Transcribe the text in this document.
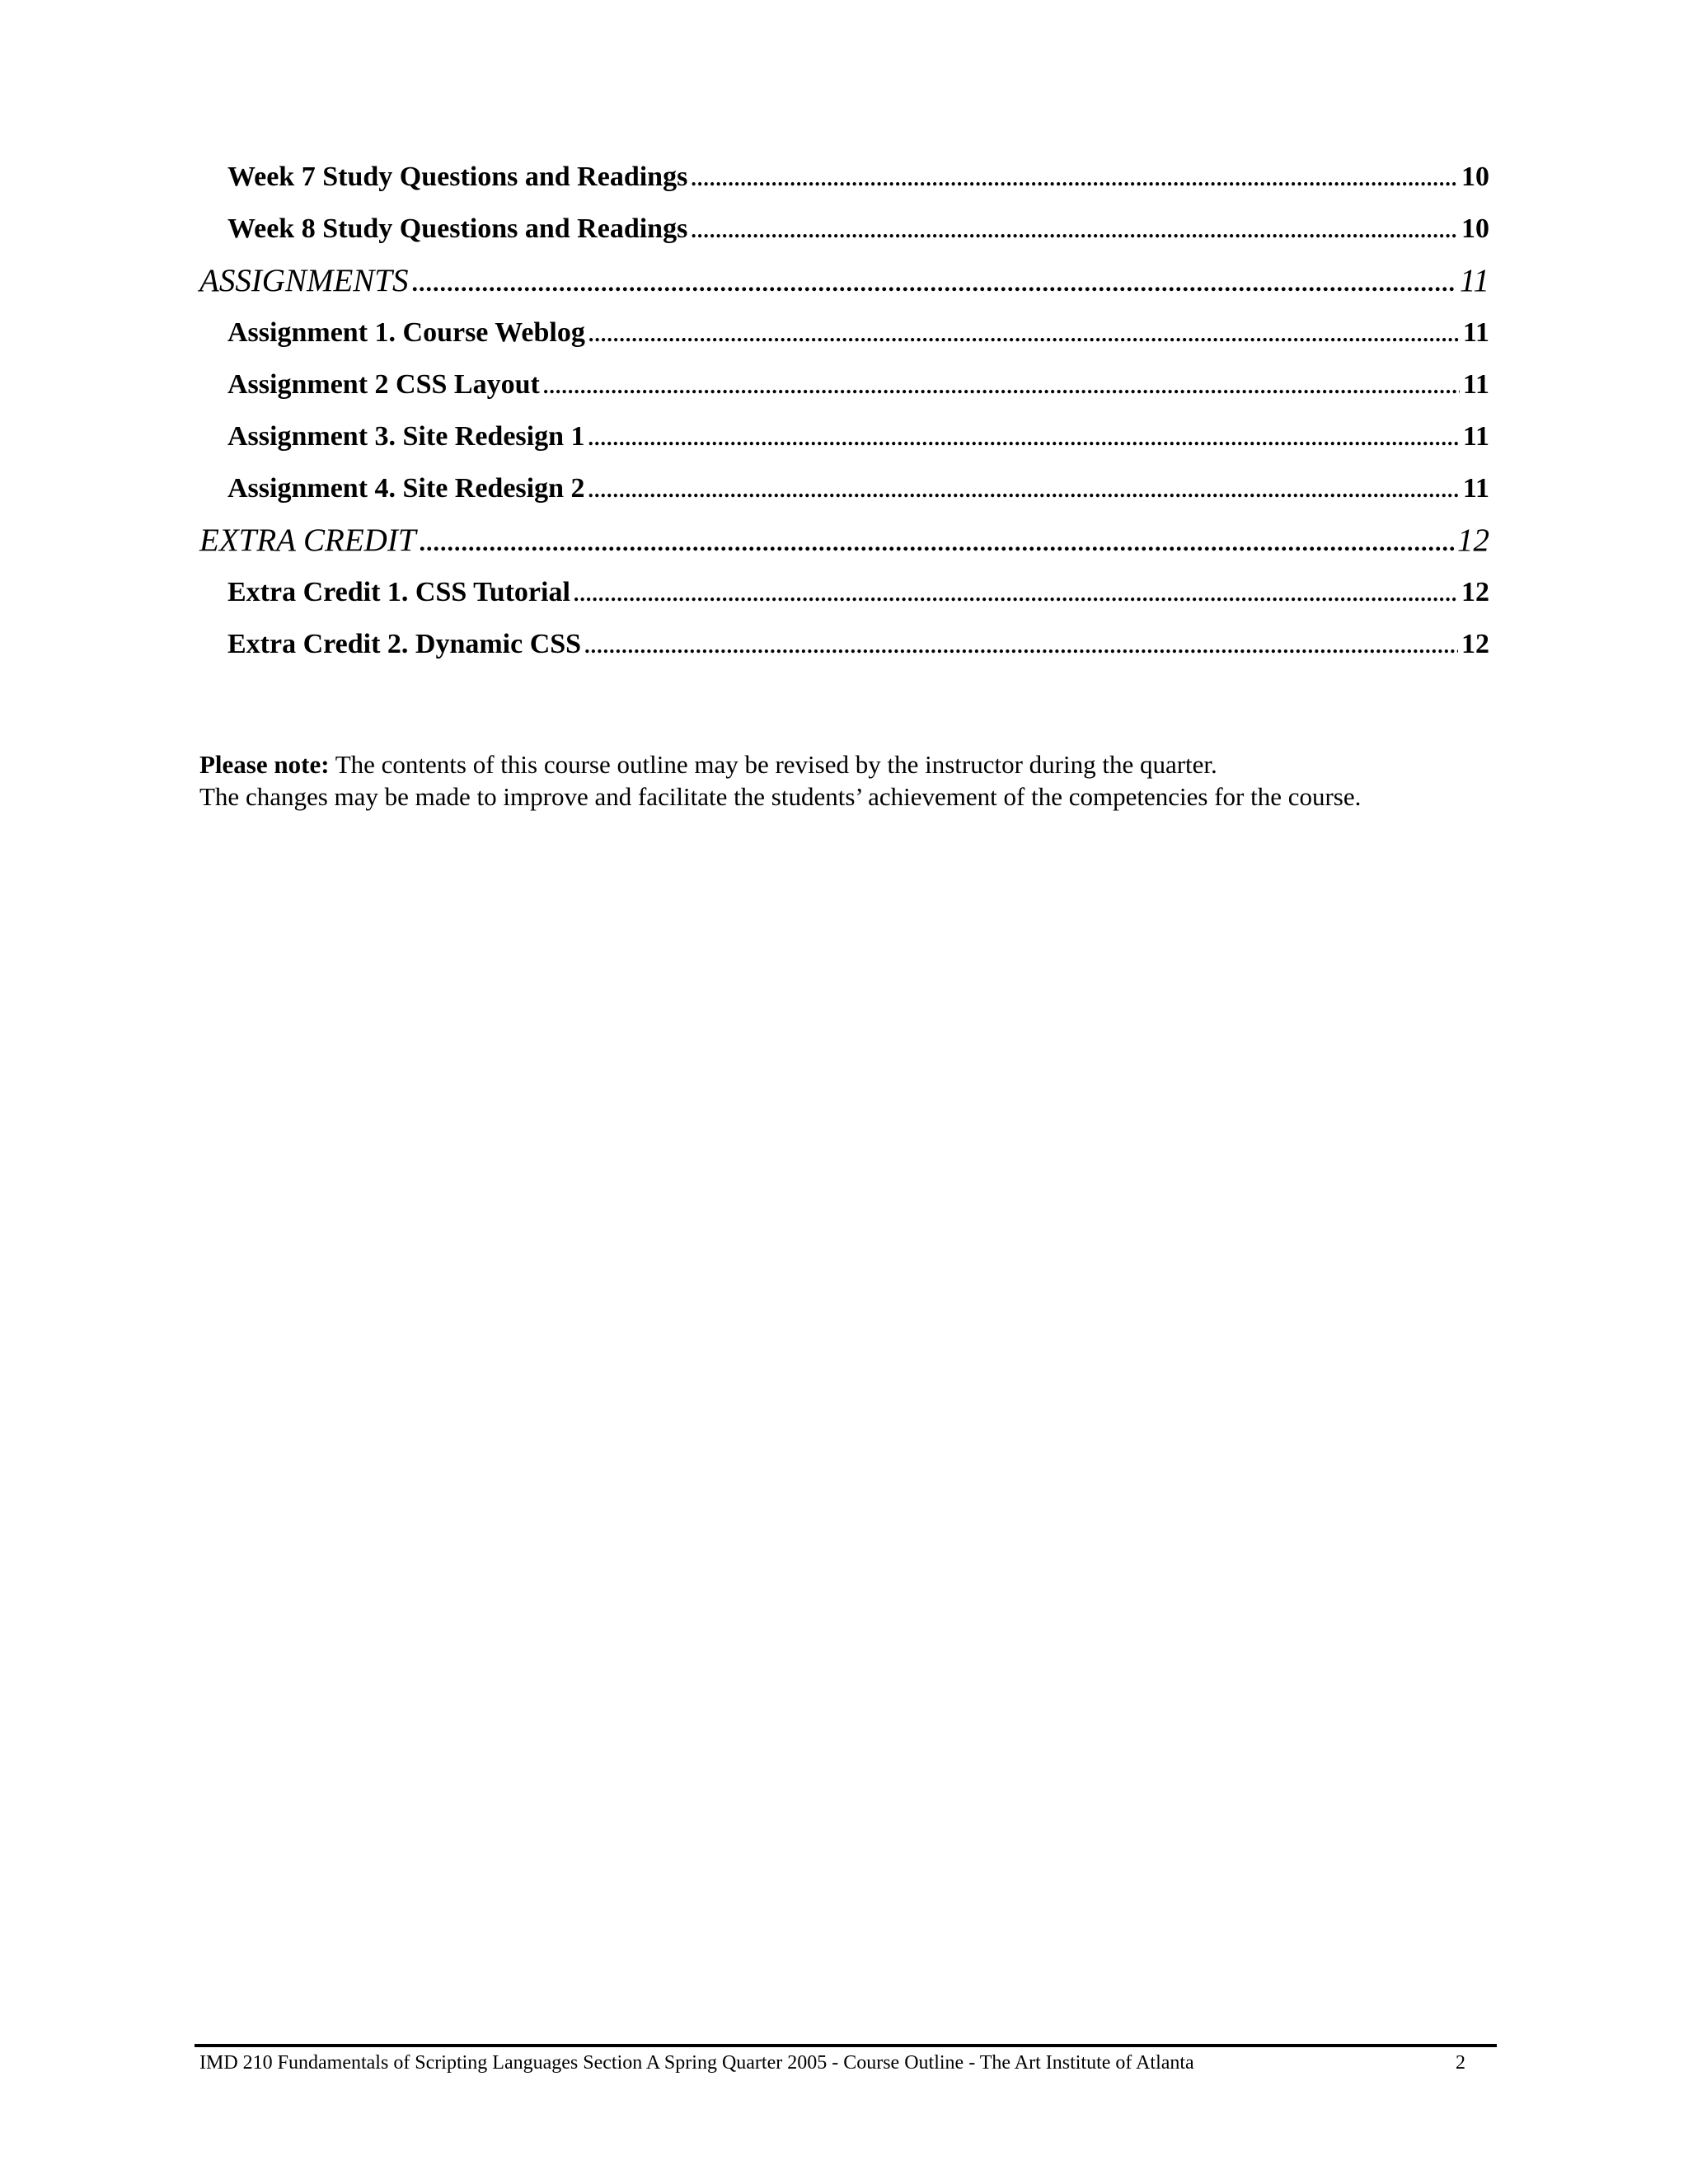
Week 7 Study Questions and Readings .....	10
Week 8 Study Questions and Readings .....	10
ASSIGNMENTS .....	11
Assignment 1. Course Weblog .....	11
Assignment 2 CSS Layout .....	11
Assignment 3. Site Redesign 1 .....	11
Assignment 4. Site Redesign 2 .....	11
EXTRA CREDIT .....	12
Extra Credit 1. CSS Tutorial .....	12
Extra Credit 2. Dynamic CSS .....	12
Please note: The contents of this course outline may be revised by the instructor during the quarter.
The changes may be made to improve and facilitate the students’ achievement of the competencies for the course.
IMD 210 Fundamentals of Scripting Languages Section A Spring Quarter 2005 - Course Outline - The Art Institute of Atlanta	2
